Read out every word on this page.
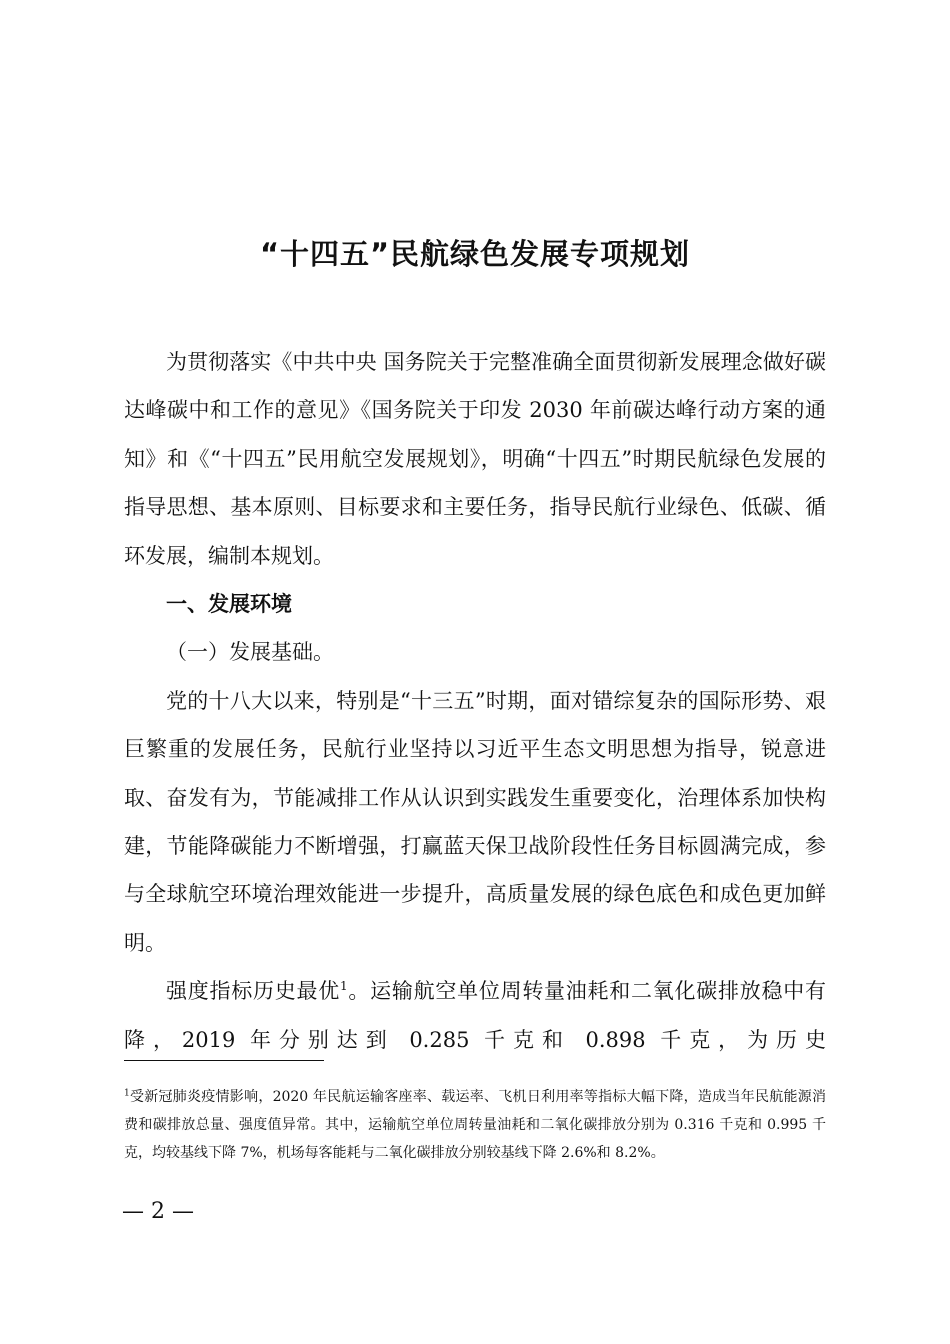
“十四五”民航绿色发展专项规划

为贯彻落实《中共中央 国务院关于完整准确全面贯彻新发展理念做好碳达峰碳中和工作的意见》《国务院关于印发 2030 年前碳达峰行动方案的通知》和《“十四五”民用航空发展规划》，明确“十四五”时期民航绿色发展的指导思想、基本原则、目标要求和主要任务，指导民航行业绿色、低碳、循环发展，编制本规划。

一、发展环境

（一）发展基础。

党的十八大以来，特别是“十三五”时期，面对错综复杂的国际形势、艰巨繁重的发展任务，民航行业坚持以习近平生态文明思想为指导，锐意进取、奋发有为，节能减排工作从认识到实践发生重要变化，治理体系加快构建，节能降碳能力不断增强，打赢蓝天保卫战阶段性任务目标圆满完成，参与全球航空环境治理效能进一步提升，高质量发展的绿色底色和成色更加鲜明。

强度指标历史最优$^1$。运输航空单位周转量油耗和二氧化碳排放稳中有降，2019 年分别达到 0.285 千克和 0.898 千克，为历史

$^1$受新冠肺炎疫情影响，2020 年民航运输客座率、载运率、飞机日利用率等指标大幅下降，造成当年民航能源消费和碳排放总量、强度值异常。其中，运输航空单位周转量油耗和二氧化碳排放分别为 0.316 千克和 0.995 千克，均较基线下降 7%，机场每客能耗与二氧化碳排放分别较基线下降 2.6%和 8.2%。
— 2 —
